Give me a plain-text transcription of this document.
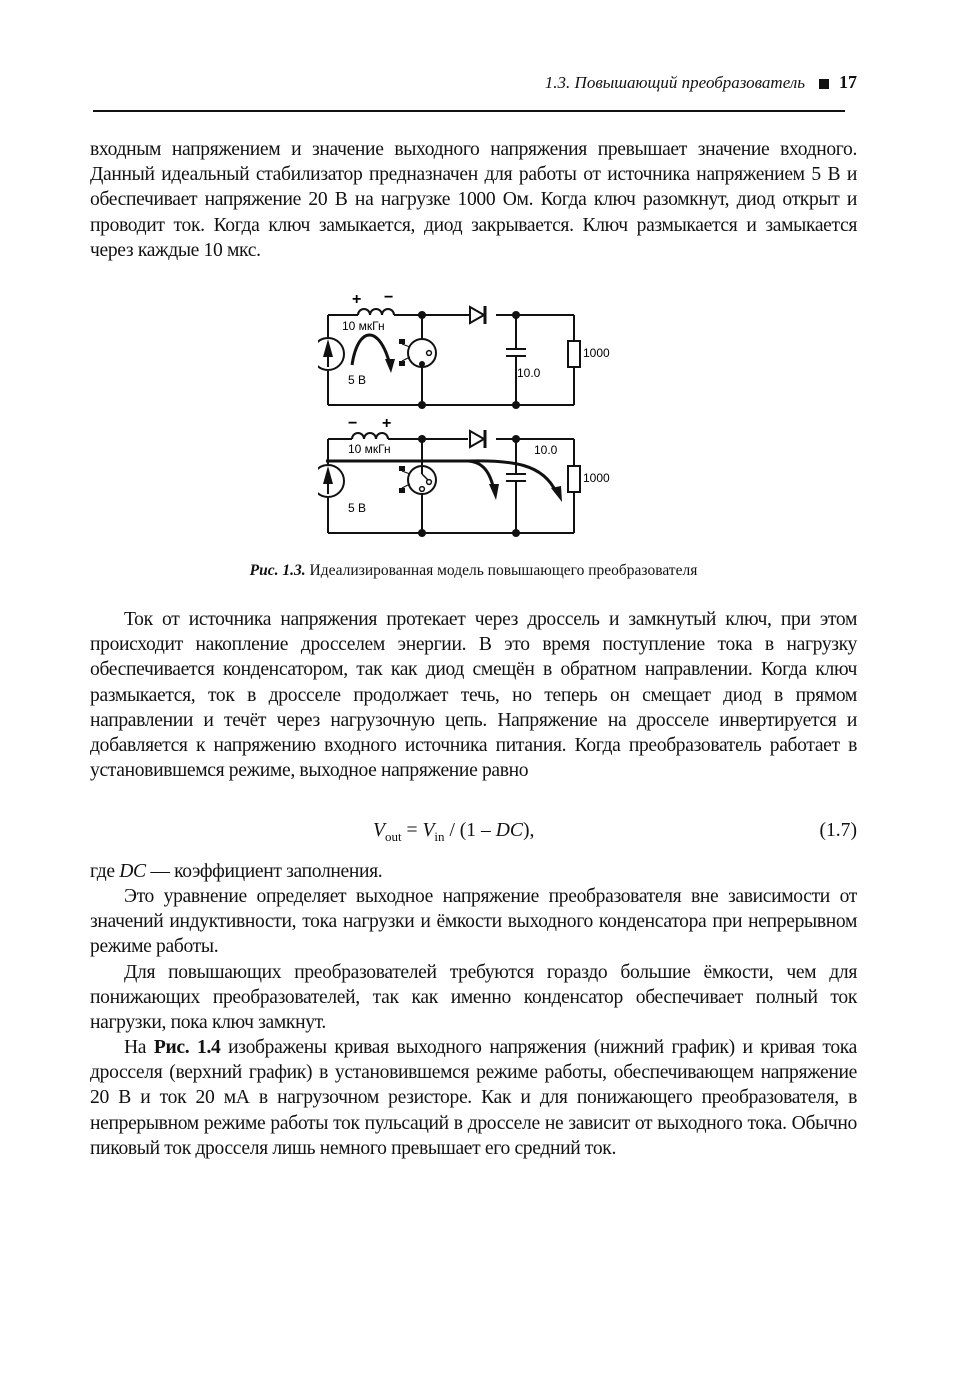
1.3. Повышающий преобразователь 17

входным напряжением и значение выходного напряжения превышает значение входного. Данный идеальный стабилизатор предназначен для работы от источника напряжением 5 В и обеспечивает напряжение 20 В на нагрузке 1000 Ом. Когда ключ разомкнут, диод открыт и проводит ток. Когда ключ замыкается, диод закрывается. Ключ размыкается и замыкается через каждые 10 мкс.

+ −
10 мкГн
5 В	10.0
1000
− +
10 мкГн
5 В
10.0
1000
Рис. 1.3. Идеализированная модель повышающего преобразователя

Ток от источника напряжения протекает через дроссель и замкнутый ключ, при этом происходит накопление дросселем энергии. В это время поступление тока в нагрузку обеспечивается конденсатором, так как диод смещён в обратном направлении. Когда ключ размыкается, ток в дросселе продолжает течь, но теперь он смещает диод в прямом направлении и течёт через нагрузочную цепь. Напряжение на дросселе инвертируется и добавляется к напряжению входного источника питания. Когда преобразователь работает в установившемся режиме, выходное напряжение равно

$V_{out} = V_{in} / (1 - DC)$,	(1.7)

где DC — коэффициент заполнения.

Это уравнение определяет выходное напряжение преобразователя вне зависимости от значений индуктивности, тока нагрузки и ёмкости выходного конденсатора при непрерывном режиме работы.

Для повышающих преобразователей требуются гораздо большие ёмкости, чем для понижающих преобразователей, так как именно конденсатор обеспечивает полный ток нагрузки, пока ключ замкнут.

На Рис. 1.4 изображены кривая выходного напряжения (нижний график) и кривая тока дросселя (верхний график) в установившемся режиме работы, обеспечивающем напряжение 20 В и ток 20 мА в нагрузочном резисторе. Как и для понижающего преобразователя, в непрерывном режиме работы ток пульсаций в дросселе не зависит от выходного тока. Обычно пиковый ток дросселя лишь немного превышает его средний ток.
